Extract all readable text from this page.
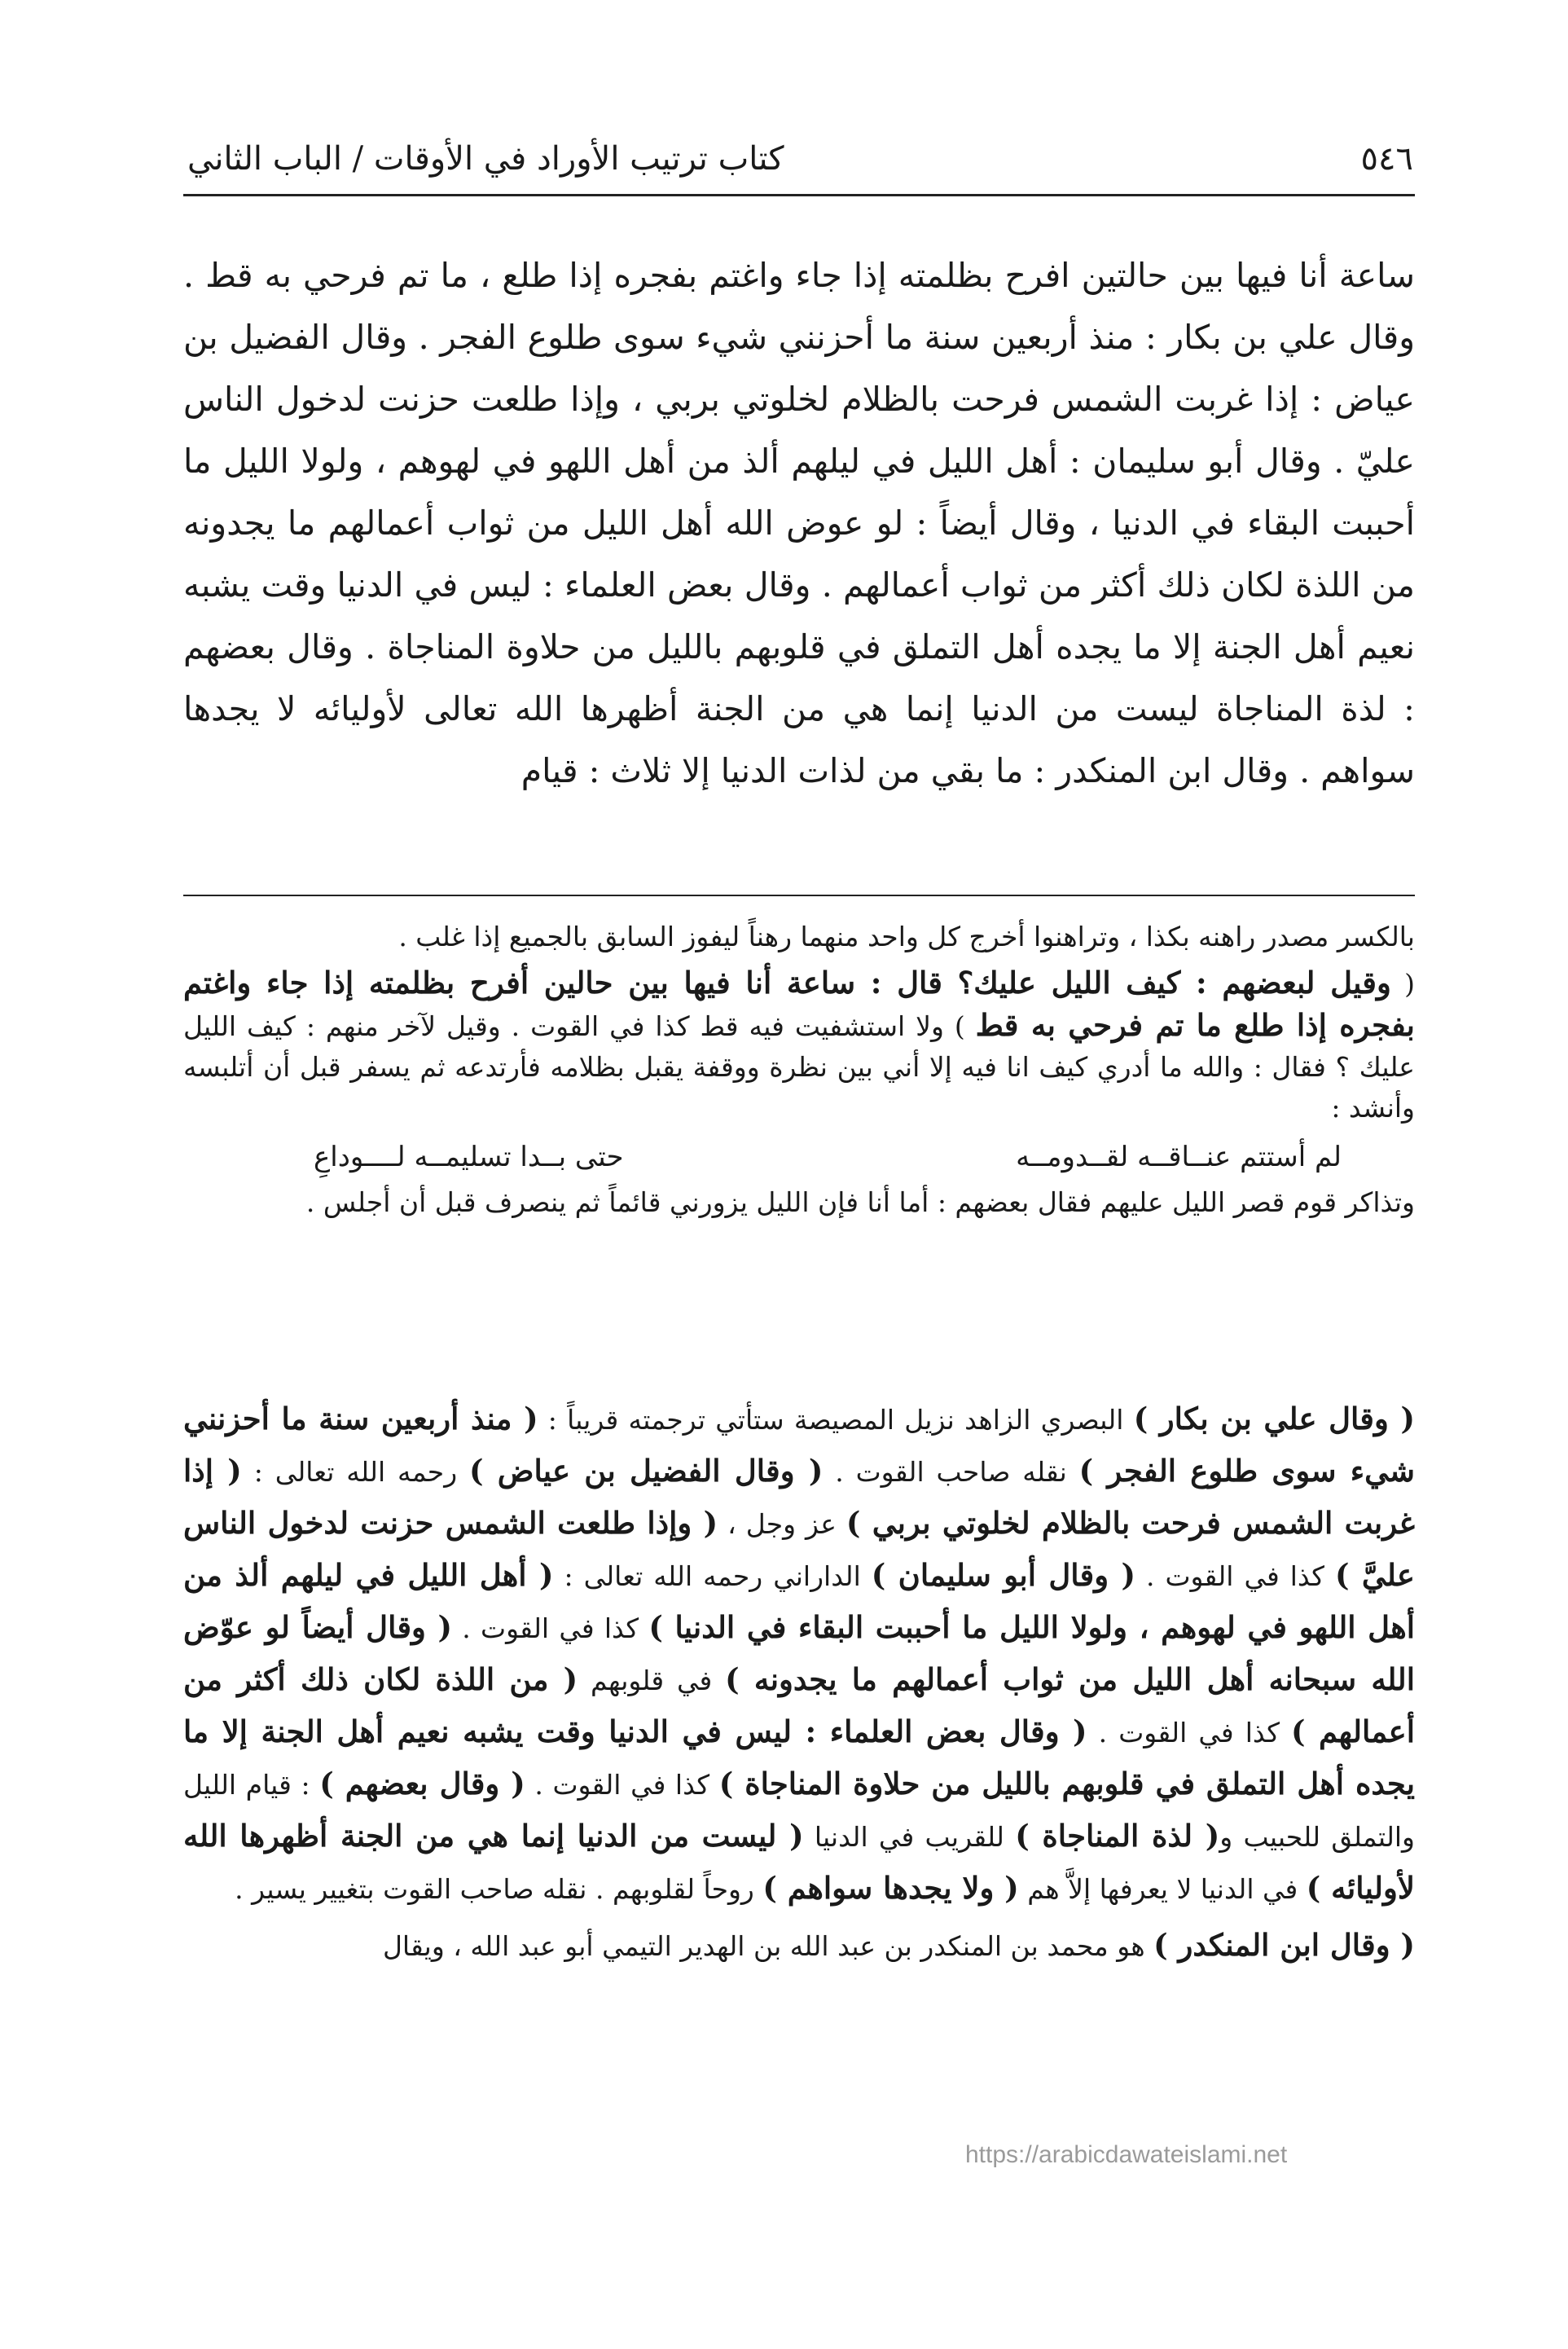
٥٤٦
كتاب ترتيب الأوراد في الأوقات / الباب الثاني

ساعة أنا فيها بين حالتين افرح بظلمته إذا جاء واغتم بفجره إذا طلع ، ما تم فرحي به قط . وقال علي بن بكار : منذ أربعين سنة ما أحزنني شيء سوى طلوع الفجر . وقال الفضيل بن عياض : إذا غربت الشمس فرحت بالظلام لخلوتي بربي ، وإذا طلعت حزنت لدخول الناس عليّ . وقال أبو سليمان : أهل الليل في ليلهم ألذ من أهل اللهو في لهوهم ، ولولا الليل ما أحببت البقاء في الدنيا ، وقال أيضاً : لو عوض الله أهل الليل من ثواب أعمالهم ما يجدونه من اللذة لكان ذلك أكثر من ثواب أعمالهم . وقال بعض العلماء : ليس في الدنيا وقت يشبه نعيم أهل الجنة إلا ما يجده أهل التملق في قلوبهم بالليل من حلاوة المناجاة . وقال بعضهم : لذة المناجاة ليست من الدنيا إنما هي من الجنة أظهرها الله تعالى لأوليائه لا يجدها سواهم . وقال ابن المنكدر : ما بقي من لذات الدنيا إلا ثلاث : قيام

بالكسر مصدر راهنه بكذا ، وتراهنوا أخرج كل واحد منهما رهناً ليفوز السابق بالجميع إذا غلب .

( وقيل لبعضهم : كيف الليل عليك؟ قال : ساعة أنا فيها بين حالين أفرح بظلمته إذا جاء واغتم بفجره إذا طلع ما تم فرحي به قط ) ولا استشفيت فيه قط كذا في القوت . وقيل لآخر منهم : كيف الليل عليك ؟ فقال : والله ما أدري كيف انا فيه إلا أني بين نظرة ووقفة يقبل بظلامه فأرتدعه ثم يسفر قبل أن أتلبسه وأنشد :

لم أستتم عنــاقــه لقــدومــه
حتى بــدا تسليمــه لــــوداعِ

وتذاكر قوم قصر الليل عليهم فقال بعضهم : أما أنا فإن الليل يزورني قائماً ثم ينصرف قبل أن أجلس .

( وقال علي بن بكار ) البصري الزاهد نزيل المصيصة ستأتي ترجمته قريباً : ( منذ أربعين سنة ما أحزنني شيء سوى طلوع الفجر ) نقله صاحب القوت . ( وقال الفضيل بن عياض ) رحمه الله تعالى : ( إذا غربت الشمس فرحت بالظلام لخلوتي بربي ) عز وجل ، ( وإذا طلعت الشمس حزنت لدخول الناس عليَّ ) كذا في القوت . ( وقال أبو سليمان ) الداراني رحمه الله تعالى : ( أهل الليل في ليلهم ألذ من أهل اللهو في لهوهم ، ولولا الليل ما أحببت البقاء في الدنيا ) كذا في القوت . ( وقال أيضاً لو عوّض الله سبحانه أهل الليل من ثواب أعمالهم ما يجدونه ) في قلوبهم ( من اللذة لكان ذلك أكثر من أعمالهم ) كذا في القوت . ( وقال بعض العلماء : ليس في الدنيا وقت يشبه نعيم أهل الجنة إلا ما يجده أهل التملق في قلوبهم بالليل من حلاوة المناجاة ) كذا في القوت . ( وقال بعضهم ) : قيام الليل والتملق للحبيب و( لذة المناجاة ) للقريب في الدنيا ( ليست من الدنيا إنما هي من الجنة أظهرها الله لأوليائه ) في الدنيا لا يعرفها إلاَّ هم ( ولا يجدها سواهم ) روحاً لقلوبهم . نقله صاحب القوت بتغيير يسير .

( وقال ابن المنكدر ) هو محمد بن المنكدر بن عبد الله بن الهدير التيمي أبو عبد الله ، ويقال

https://arabicdawateislami.net
